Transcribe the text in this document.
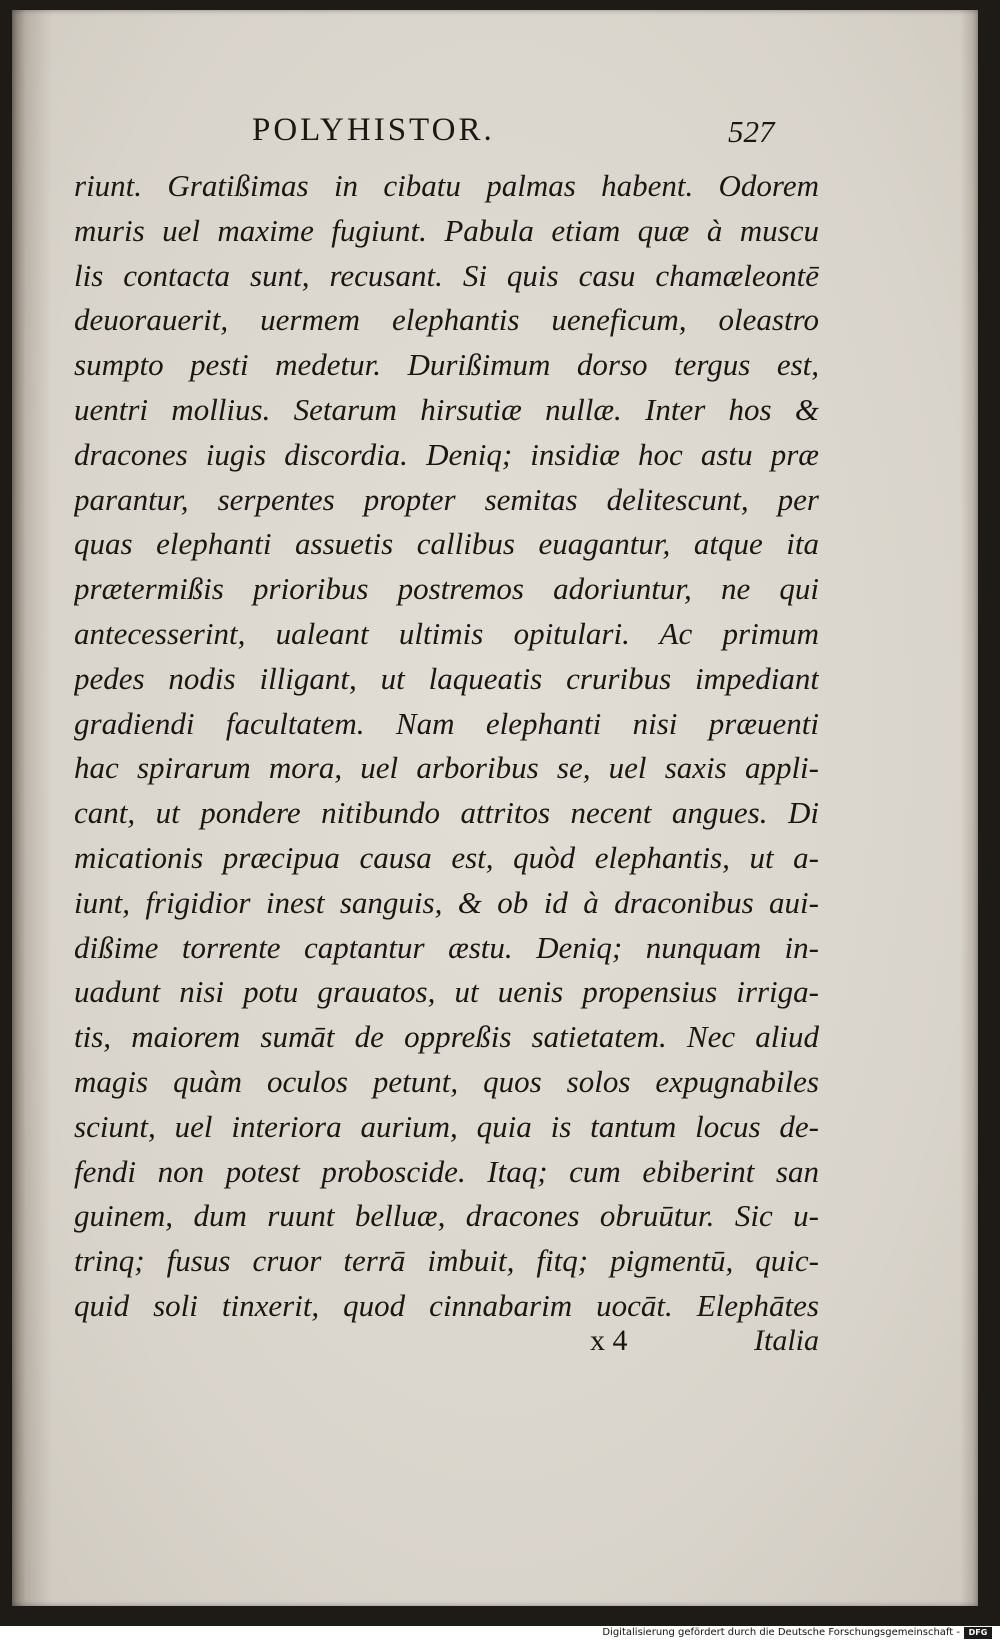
POLYHISTOR.	527
riunt. Gratißimas in cibatu palmas habent. Odorem
muris uel maxime fugiunt. Pabula etiam quæ à muscu
lis contacta sunt, recusant. Si quis casu chamæleontē
deuorauerit, uermem elephantis ueneficum, oleastro
sumpto pesti medetur. Durißimum dorso tergus est,
uentri mollius. Setarum hirsutiæ nullæ. Inter hos &
dracones iugis discordia. Deniq; insidiæ hoc astu præ
parantur, serpentes propter semitas delitescunt, per
quas elephanti assuetis callibus euagantur, atque ita
prætermißis prioribus postremos adoriuntur, ne qui
antecesserint, ualeant ultimis opitulari. Ac primum
pedes nodis illigant, ut laqueatis cruribus impediant
gradiendi facultatem. Nam elephanti nisi præuenti
hac spirarum mora, uel arboribus se, uel saxis appli-
cant, ut pondere nitibundo attritos necent angues. Di
micationis præcipua causa est, quòd elephantis, ut a-
iunt, frigidior inest sanguis, & ob id à draconibus aui-
dißime torrente captantur æstu. Deniq; nunquam in-
uadunt nisi potu grauatos, ut uenis propensius irriga-
tis, maiorem sumāt de oppreßis satietatem. Nec aliud
magis quàm oculos petunt, quos solos expugnabiles
sciunt, uel interiora aurium, quia is tantum locus de-
fendi non potest proboscide. Itaq; cum ebiberint san
guinem, dum ruunt belluæ, dracones obruūtur. Sic u-
trinq; fusus cruor terrā imbuit, fitq; pigmentū, quic-
quid soli tinxerit, quod cinnabarim uocāt. Elephātes
x 4	Italia
Digitalisierung gefördert durch die Deutsche Forschungsgemeinschaft -	DFG
